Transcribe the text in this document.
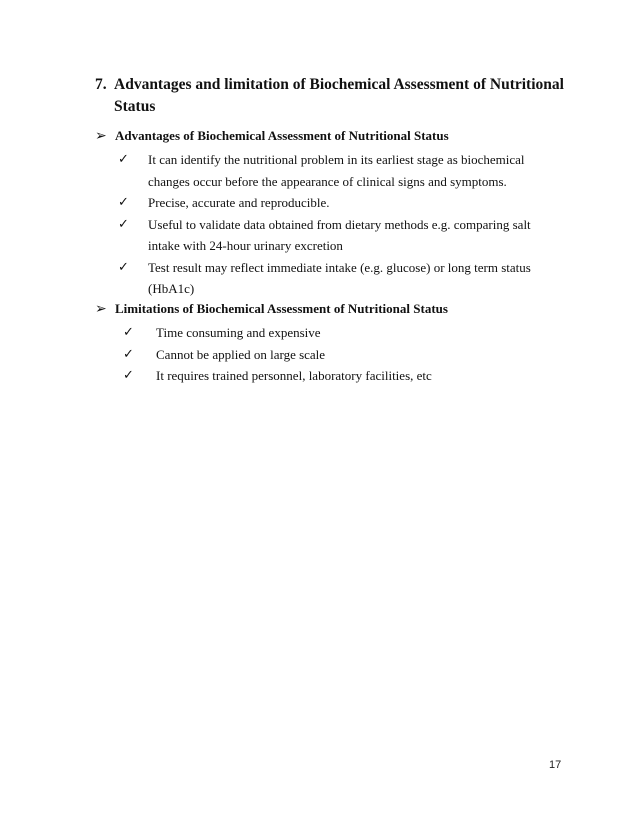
7. Advantages and limitation of Biochemical Assessment of Nutritional Status
➢ Advantages of Biochemical Assessment of Nutritional Status
✓ It can identify the nutritional problem in its earliest stage as biochemical changes occur before the appearance of clinical signs and symptoms.
✓ Precise, accurate and reproducible.
✓ Useful to validate data obtained from dietary methods e.g. comparing salt intake with 24-hour urinary excretion
✓ Test result may reflect immediate intake (e.g. glucose) or long term status (HbA1c)
➢ Limitations of Biochemical Assessment of Nutritional Status
✓ Time consuming and expensive
✓ Cannot be applied on large scale
✓ It requires trained personnel, laboratory facilities, etc
17
